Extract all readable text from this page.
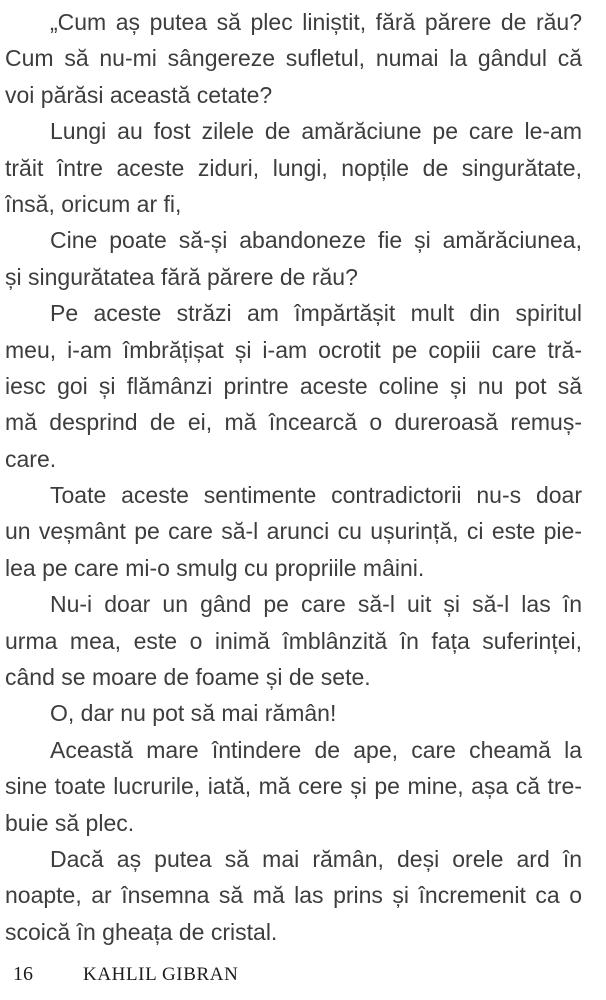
„Cum aș putea să plec liniștit, fără părere de rău?
Cum să nu-mi sângereze sufletul, numai la gândul că
voi părăsi această cetate?
Lungi au fost zilele de amărăciune pe care le-am
trăit între aceste ziduri, lungi, nopțile de singurătate,
însă, oricum ar fi,
Cine poate să-și abandoneze fie și amărăciunea,
și singurătatea fără părere de rău?
Pe aceste străzi am împărtășit mult din spiritul
meu, i-am îmbrățișat și i-am ocrotit pe copiii care tră-
iesc goi și flămânzi printre aceste coline și nu pot să
mă desprind de ei, mă încearcă o dureroasă remuș-
care.
Toate aceste sentimente contradictorii nu-s doar
un veșmânt pe care să-l arunci cu ușurință, ci este pie-
lea pe care mi-o smulg cu propriile mâini.
Nu-i doar un gând pe care să-l uit și să-l las în
urma mea, este o inimă îmblânzită în fața suferinței,
când se moare de foame și de sete.
O, dar nu pot să mai rămân!
Această mare întindere de ape, care cheamă la
sine toate lucrurile, iată, mă cere și pe mine, așa că tre-
buie să plec.
Dacă aș putea să mai rămân, deși orele ard în
noapte, ar însemna să mă las prins și încremenit ca o
scoică în gheața de cristal.
16	KAHLIL GIBRAN
